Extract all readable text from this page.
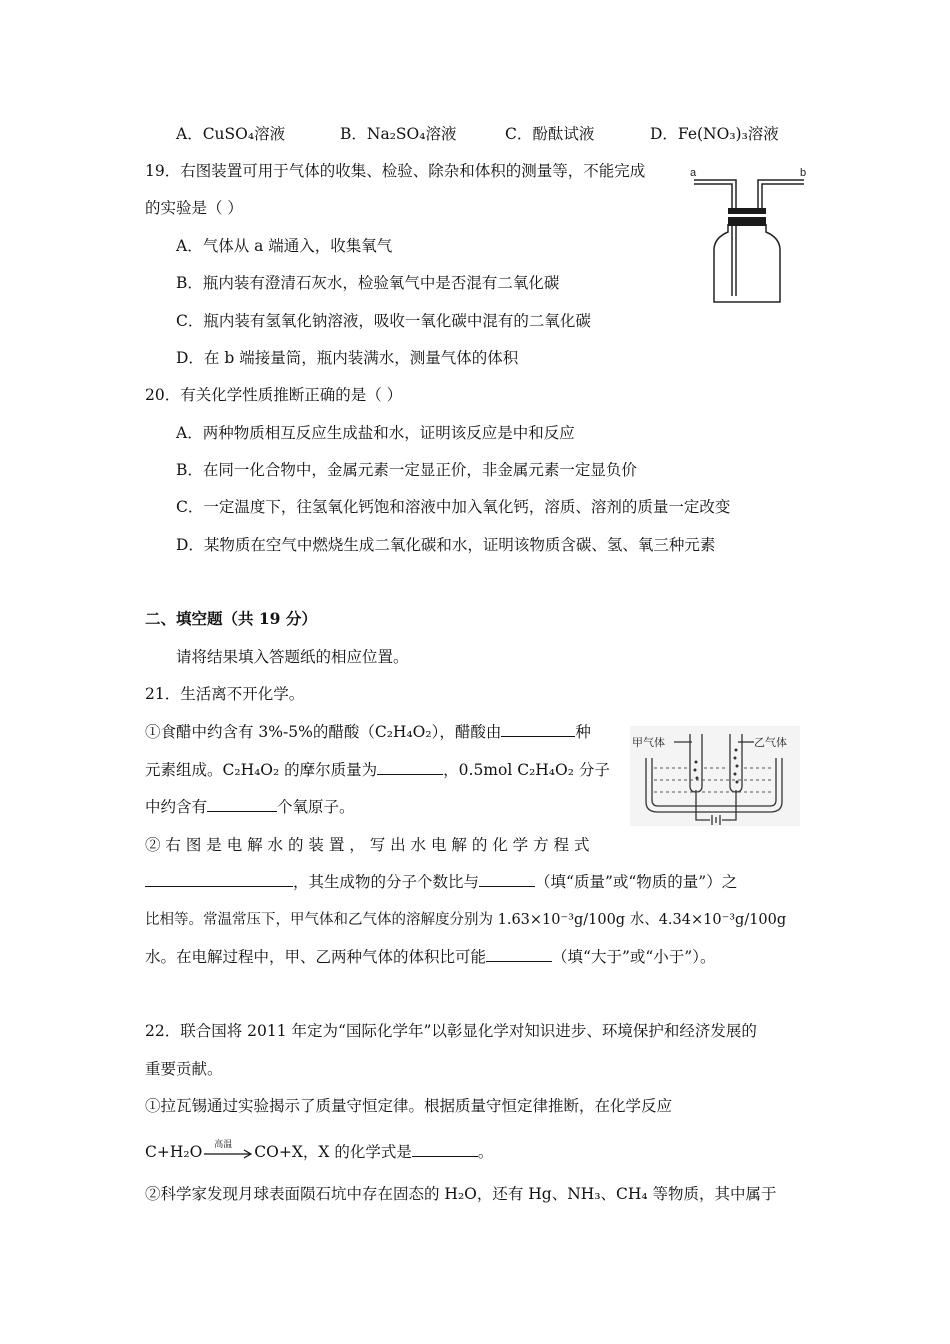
A．CuSO₄溶液	B．Na₂SO₄溶液	C．酚酞试液	D．Fe(NO₃)₃溶液
19．右图装置可用于气体的收集、检验、除杂和体积的测量等，不能完成
的实验是（ ）
A．气体从 a 端通入，收集氧气
B．瓶内装有澄清石灰水，检验氧气中是否混有二氧化碳
C．瓶内装有氢氧化钠溶液，吸收一氧化碳中混有的二氧化碳
D．在 b 端接量筒，瓶内装满水，测量气体的体积
a	b
20．有关化学性质推断正确的是（ ）
A．两种物质相互反应生成盐和水，证明该反应是中和反应
B．在同一化合物中，金属元素一定显正价，非金属元素一定显负价
C．一定温度下，往氢氧化钙饱和溶液中加入氧化钙，溶质、溶剂的质量一定改变
D．某物质在空气中燃烧生成二氧化碳和水，证明该物质含碳、氢、氧三种元素
二、填空题（共 19 分）
请将结果填入答题纸的相应位置。
21．生活离不开化学。
①食醋中约含有 3%-5%的醋酸（C₂H₄O₂），醋酸由	种
元素组成。C₂H₄O₂ 的摩尔质量为	，0.5mol C₂H₄O₂ 分子
中约含有	个氧原子。
甲气体	乙气体
② 右 图 是 电 解 水 的 装 置 ， 写 出 水 电 解 的 化 学 方 程 式
，其生成物的分子个数比与	（填“质量”或“物质的量”）之
比相等。常温常压下，甲气体和乙气体的溶解度分别为 1.63×10⁻³g/100g 水、4.34×10⁻³g/100g
水。在电解过程中，甲、乙两种气体的体积比可能	（填“大于”或“小于”）。
22．联合国将 2011 年定为“国际化学年”以彰显化学对知识进步、环境保护和经济发展的
重要贡献。
①拉瓦锡通过实验揭示了质量守恒定律。根据质量守恒定律推断，在化学反应
C+H₂O 高温 CO+X，X 的化学式是	。
②科学家发现月球表面陨石坑中存在固态的 H₂O，还有 Hg、NH₃、CH₄ 等物质，其中属于
